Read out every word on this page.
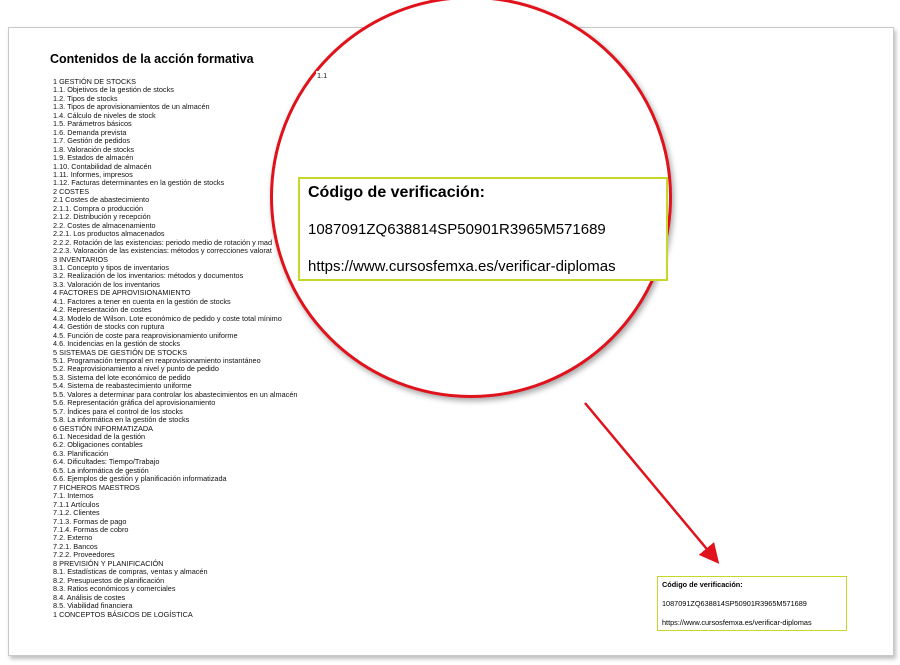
Contenidos de la acción formativa
1 GESTIÓN DE STOCKS
1.1. Objetivos de la gestión de stocks
1.2. Tipos de stocks
1.3. Tipos de aprovisionamientos de un almacén
1.4. Cálculo de niveles de stock
1.5. Parámetros básicos
1.6. Demanda prevista
1.7. Gestión de pedidos
1.8. Valoración de stocks
1.9. Estados de almacén
1.10. Contabilidad de almacén
1.11. Informes, impresos
1.12. Facturas determinantes en la gestión de stocks
2 COSTES
2.1 Costes de abastecimiento
2.1.1. Compra o producción
2.1.2. Distribución y recepción
2.2. Costes de almacenamiento
2.2.1. Los productos almacenados
2.2.2. Rotación de las existencias: periodo medio de rotación y mad
2.2.3. Valoración de las existencias: métodos y correcciones valorat
3 INVENTARIOS
3.1. Concepto y tipos de inventarios
3.2. Realización de los inventarios: métodos y documentos
3.3. Valoración de los inventarios
4 FACTORES DE APROVISIONAMIENTO
4.1. Factores a tener en cuenta en la gestión de stocks
4.2. Representación de costes
4.3. Modelo de Wilson. Lote económico de pedido y coste total mínimo
4.4. Gestión de stocks con ruptura
4.5. Función de coste para reaprovisionamiento uniforme
4.6. Incidencias en la gestión de stocks
5 SISTEMAS DE GESTIÓN DE STOCKS
5.1. Programación temporal en reaprovisionamiento instantáneo
5.2. Reaprovisionamiento a nivel y punto de pedido
5.3. Sistema del lote económico de pedido
5.4. Sistema de reabastecimiento uniforme
5.5. Valores a determinar para controlar los abastecimientos en un almacén
5.6. Representación gráfica del aprovisionamiento
5.7. Índices para el control de los stocks
5.8. La informática en la gestión de stocks
6 GESTIÓN INFORMATIZADA
6.1. Necesidad de la gestión
6.2. Obligaciones contables
6.3. Planificación
6.4. Dificultades: Tiempo/Trabajo
6.5. La informática de gestión
6.6. Ejemplos de gestión y planificación informatizada
7 FICHEROS MAESTROS
7.1. Internos
7.1.1 Artículos
7.1.2. Clientes
7.1.3. Formas de pago
7.1.4. Formas de cobro
7.2. Externo
7.2.1. Bancos
7.2.2. Proveedores
8 PREVISIÓN Y PLANIFICACIÓN
8.1. Estadísticas de compras, ventas y almacén
8.2. Presupuestos de planificación
8.3. Ratios económicos y comerciales
8.4. Análisis de costes
8.5. Viabilidad financiera
1 CONCEPTOS BÁSICOS DE LOGÍSTICA
1.1
Código de verificación:
1087091ZQ638814SP50901R3965M571689
https://www.cursosfemxa.es/verificar-diplomas
Código de verificación:
1087091ZQ638814SP50901R3965M571689
https://www.cursosfemxa.es/verificar-diplomas
